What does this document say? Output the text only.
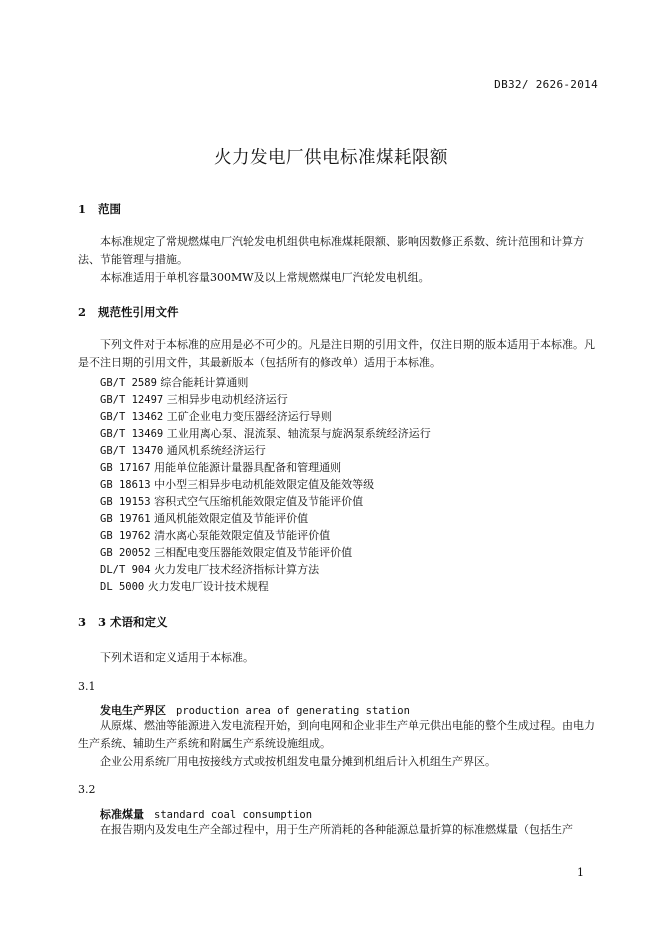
DB32/ 2626-2014
火力发电厂供电标准煤耗限额
1 范围

本标准规定了常规燃煤电厂汽轮发电机组供电标准煤耗限额、影响因数修正系数、统计范围和计算方法、节能管理与措施。

本标准适用于单机容量300MW及以上常规燃煤电厂汽轮发电机组。

2 规范性引用文件

下列文件对于本标准的应用是必不可少的。凡是注日期的引用文件，仅注日期的版本适用于本标准。凡是不注日期的引用文件，其最新版本（包括所有的修改单）适用于本标准。

GB/T 2589 综合能耗计算通则
GB/T 12497 三相异步电动机经济运行
GB/T 13462 工矿企业电力变压器经济运行导则
GB/T 13469 工业用离心泵、混流泵、轴流泵与旋涡泵系统经济运行
GB/T 13470 通风机系统经济运行
GB 17167 用能单位能源计量器具配备和管理通则
GB 18613 中小型三相异步电动机能效限定值及能效等级
GB 19153 容积式空气压缩机能效限定值及节能评价值
GB 19761 通风机能效限定值及节能评价值
GB 19762 清水离心泵能效限定值及节能评价值
GB 20052 三相配电变压器能效限定值及节能评价值
DL/T 904 火力发电厂技术经济指标计算方法
DL 5000 火力发电厂设计技术规程
3 3 术语和定义
下列术语和定义适用于本标准。
3.1
发电生产界区 production area of generating station

从原煤、燃油等能源进入发电流程开始，到向电网和企业非生产单元供出电能的整个生成过程。由电力生产系统、辅助生产系统和附属生产系统设施组成。

企业公用系统厂用电按接线方式或按机组发电量分摊到机组后计入机组生产界区。

3.2
标准煤量 standard coal consumption

在报告期内及发电生产全部过程中，用于生产所消耗的各种能源总量折算的标准燃煤量（包括生产

1
